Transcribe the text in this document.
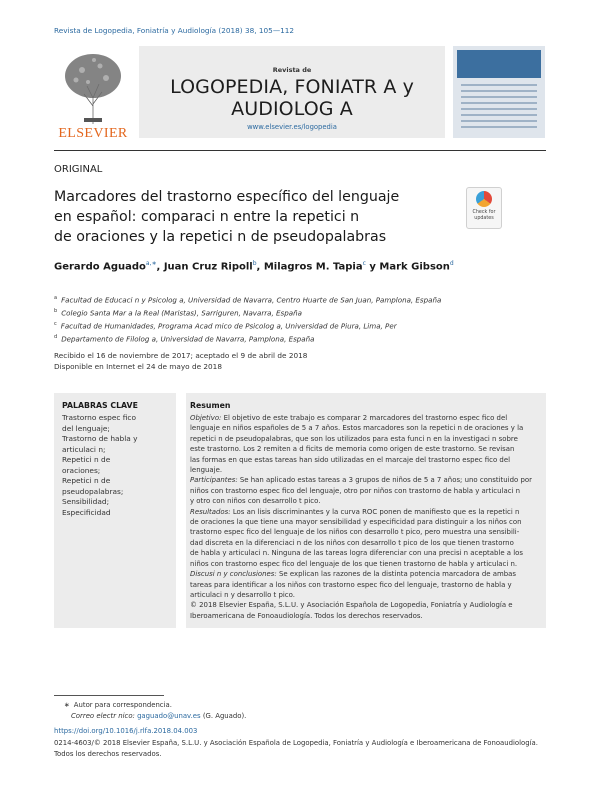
Revista de Logopedia, Foniatría y Audiología (2018) 38, 105—112
ELSEVIER
Revista de
LOGOPEDIA, FONIATR A y AUDIOLOG A
www.elsevier.es/logopedia
ORIGINAL
Marcadores del trastorno específico del lenguaje
en español: comparaci n entre la repetici n
de oraciones y la repetici n de pseudopalabras
Check for updates
Gerardo Aguado$^{a,∗}$, Juan Cruz Ripoll$^b$, Milagros M. Tapia$^c$ y Mark Gibson$^d$
$^a$ Facultad de Educaci n y Psicolog a, Universidad de Navarra, Centro Huarte de San Juan, Pamplona, España
$^b$ Colegio Santa Mar a la Real (Maristas), Sarriguren, Navarra, España
$^c$ Facultad de Humanidades, Programa Acad mico de Psicolog a, Universidad de Piura, Lima, Per
$^d$ Departamento de Filolog a, Universidad de Navarra, Pamplona, España
Recibido el 16 de noviembre de 2017; aceptado el 9 de abril de 2018
Disponible en Internet el 24 de mayo de 2018
PALABRAS CLAVE
Trastorno espec fico
del lenguaje;
Trastorno de habla y
articulaci n;
Repetici n de
oraciones;
Repetici n de
pseudopalabras;
Sensibilidad;
Especificidad
Resumen
Objetivo: El objetivo de este trabajo es comparar 2 marcadores del trastorno espec fico del
lenguaje en niños españoles de 5 a 7 años. Estos marcadores son la repetici n de oraciones y la
repetici n de pseudopalabras, que son los utilizados para esta funci n en la investigaci n sobre
este trastorno. Los 2 remiten a d ficits de memoria como origen de este trastorno. Se revisan
las formas en que estas tareas han sido utilizadas en el marcaje del trastorno espec fico del
lenguaje.
Participantes: Se han aplicado estas tareas a 3 grupos de niños de 5 a 7 años; uno constituido por
niños con trastorno espec fico del lenguaje, otro por niños con trastorno de habla y articulaci n
y otro con niños con desarrollo t pico.
Resultados: Los an lisis discriminantes y la curva ROC ponen de manifiesto que es la repetici n
de oraciones la que tiene una mayor sensibilidad y especificidad para distinguir a los niños con
trastorno espec fico del lenguaje de los niños con desarrollo t pico, pero muestra una sensibili-
dad discreta en la diferenciaci n de los niños con desarrollo t pico de los que tienen trastorno
de habla y articulaci n. Ninguna de las tareas logra diferenciar con una precisi n aceptable a los
niños con trastorno espec fico del lenguaje de los que tienen trastorno de habla y articulaci n.
Discusi n y conclusiones: Se explican las razones de la distinta potencia marcadora de ambas
tareas para identificar a los niños con trastorno espec fico del lenguaje, trastorno de habla y
articulaci n y desarrollo t pico.
© 2018 Elsevier España, S.L.U. y Asociación Española de Logopedia, Foniatría y Audiología e
Iberoamericana de Fonoaudiología. Todos los derechos reservados.
∗ Autor para correspondencia.
Correo electr nico: gaguado@unav.es (G. Aguado).
https://doi.org/10.1016/j.rlfa.2018.04.003
0214-4603/© 2018 Elsevier España, S.L.U. y Asociación Española de Logopedia, Foniatría y Audiología e Iberoamericana de Fonoaudiología.
Todos los derechos reservados.
